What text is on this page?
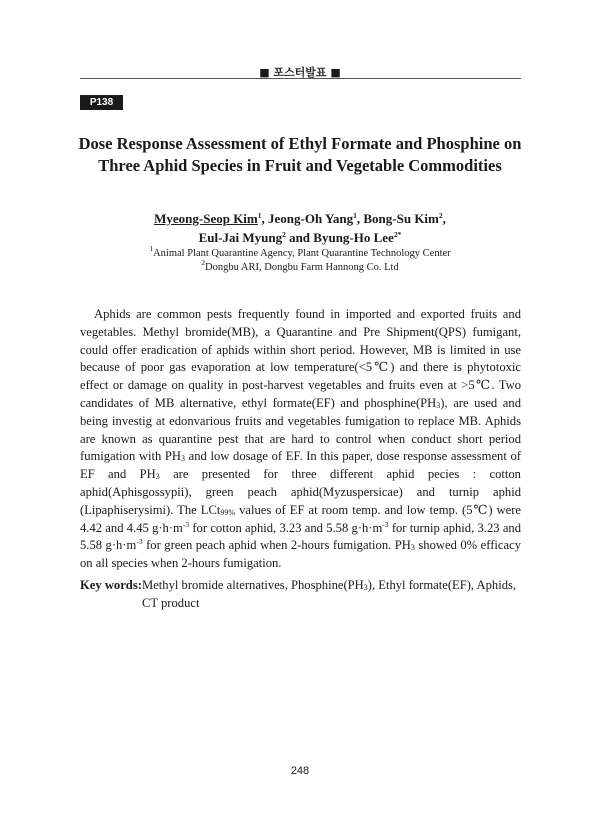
■ 포스터발표 ■
P138
Dose Response Assessment of Ethyl Formate and Phosphine on
Three Aphid Species in Fruit and Vegetable Commodities
Myeong-Seop Kim$^1$, Jeong-Oh Yang$^1$, Bong-Su Kim$^2$,
Eul-Jai Myung$^2$ and Byung-Ho Lee$^{2*}$
$^1$Animal Plant Quarantine Agency, Plant Quarantine Technology Center
$^2$Dongbu ARI, Dongbu Farm Hannong Co. Ltd

Aphids are common pests frequently found in imported and exported fruits and vegetables. Methyl bromide(MB), a Quarantine and Pre Shipment(QPS) fumigant, could offer eradication of aphids within short period. However, MB is limited in use because of poor gas evaporation at low temperature(<5℃) and there is phytotoxic effect or damage on quality in post-harvest vegetables and fruits even at >5℃. Two candidates of MB alternative, ethyl formate(EF) and $phosphine(PH_3)$, are used and being investig at edonvarious fruits and vegetables fumigation to replace MB. Aphids are known as quarantine pest that are hard to control when conduct short period fumigation with $PH_3$ and low dosage of EF. In this paper, dose response assessment of EF and $PH_3$ are presented for three different aphid pecies : cotton aphid(Aphisgossypii), green peach aphid(Myzuspersicae) and turnip aphid (Lipaphiserysimi). The LCt$_{99\%}$ values of EF at room temp. and low temp. (5℃) were 4.42 and 4.45 $g\cdot h\cdot m^{-3}$ for cotton aphid, 3.23 and 5.58 $g\cdot h\cdot m^{-3}$ for turnip aphid, 3.23 and 5.58 $g\cdot h\cdot m^{-3}$ for green peach aphid when 2-hours fumigation. $PH_3$ showed 0% efficacy on all species when 2-hours fumigation.

Key words: Methyl bromide alternatives, $Phosphine(PH_3)$, Ethyl formate(EF), Aphids, CT product
248
